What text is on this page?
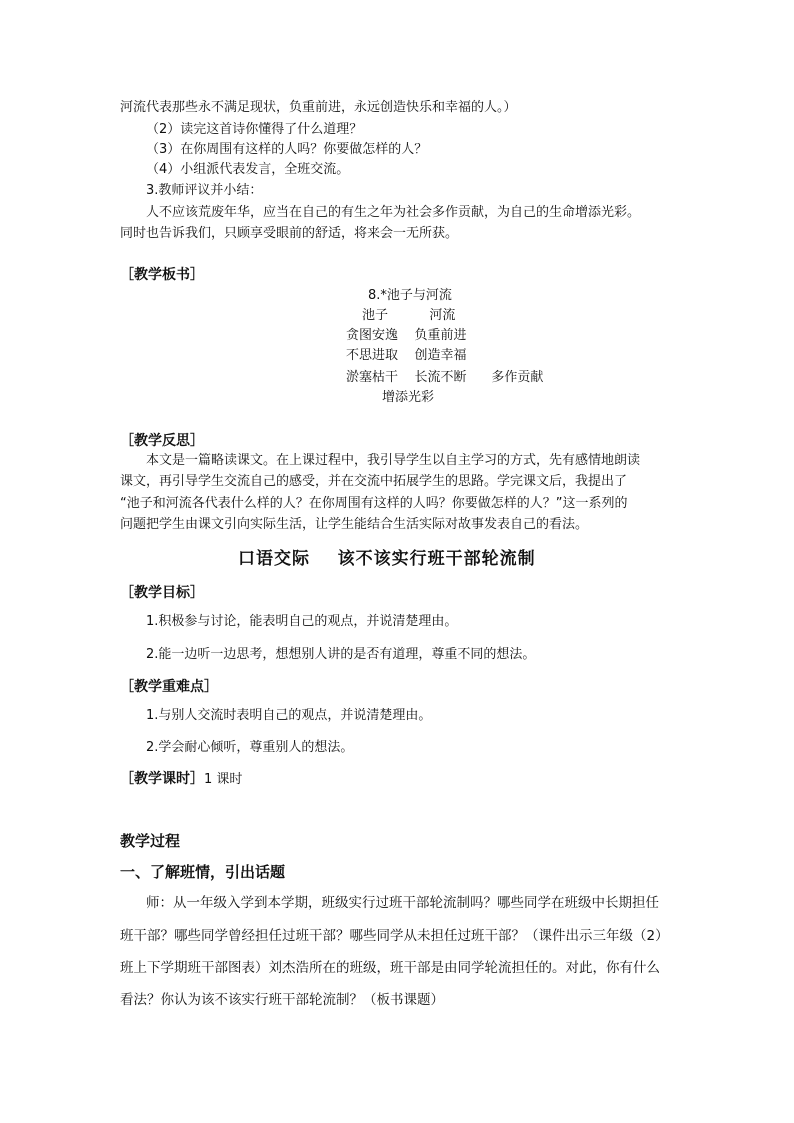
河流代表那些永不满足现状，负重前进，永远创造快乐和幸福的人。）
（2）读完这首诗你懂得了什么道理？
（3）在你周围有这样的人吗？你要做怎样的人？
（4）小组派代表发言，全班交流。
3.教师评议并小结：
人不应该荒废年华，应当在自己的有生之年为社会多作贡献，为自己的生命增添光彩。
同时也告诉我们，只顾享受眼前的舒适，将来会一无所获。
［教学板书］
8.*池子与河流
池子          河流
贪图安逸    负重前进
不思进取    创造幸福
淤塞枯干    长流不断      多作贡献
增添光彩
［教学反思］
本文是一篇略读课文。在上课过程中，我引导学生以自主学习的方式，先有感情地朗读
课文，再引导学生交流自己的感受，并在交流中拓展学生的思路。学完课文后，我提出了
“池子和河流各代表什么样的人？在你周围有这样的人吗？你要做怎样的人？”这一系列的
问题把学生由课文引向实际生活，让学生能结合生活实际对故事发表自己的看法。
口语交际    该不该实行班干部轮流制
［教学目标］
1.积极参与讨论，能表明自己的观点，并说清楚理由。
2.能一边听一边思考，想想别人讲的是否有道理，尊重不同的想法。
［教学重难点］
1.与别人交流时表明自己的观点，并说清楚理由。
2.学会耐心倾听，尊重别人的想法。
［教学课时］1 课时
教学过程
一、了解班情，引出话题
师：从一年级入学到本学期，班级实行过班干部轮流制吗？哪些同学在班级中长期担任
班干部？哪些同学曾经担任过班干部？哪些同学从未担任过班干部？（课件出示三年级（2）
班上下学期班干部图表）刘杰浩所在的班级，班干部是由同学轮流担任的。对此，你有什么
看法？你认为该不该实行班干部轮流制？（板书课题）
